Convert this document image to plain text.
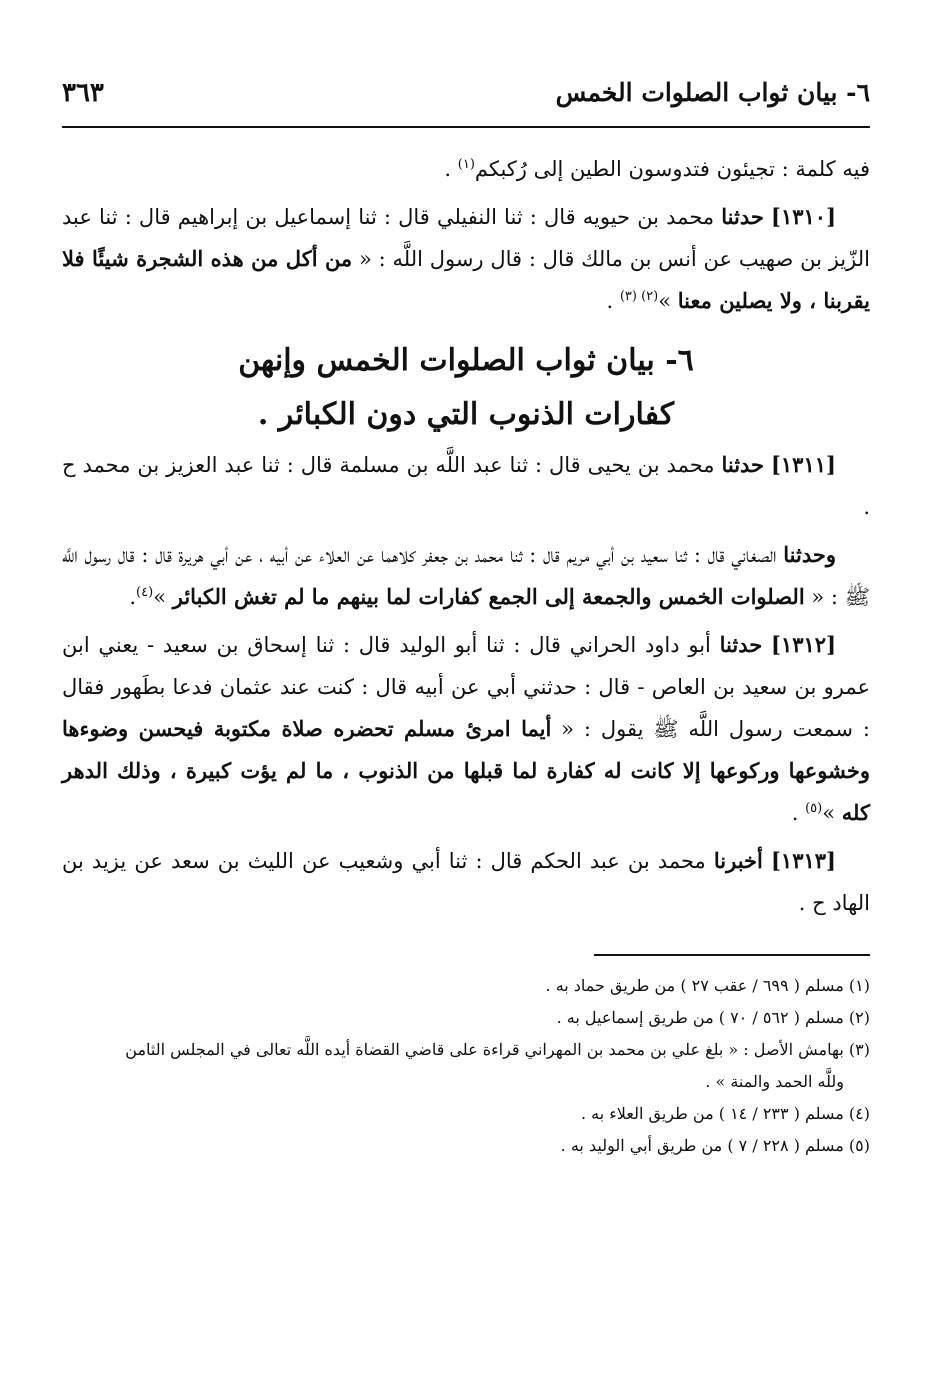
٦- بيان ثواب الصلوات الخمس
٣٦٣

فيه كلمة : تجيئون فتدوسون الطين إلى رُكبكم$^{(١)}$ .

[١٣١٠] حدثنا محمد بن حيويه قال : ثنا النفيلي قال : ثنا إسماعيل بن إبراهيم قال : ثنا عبد الزّيز بن صهيب عن أنس بن مالك قال : قال رسول اللَّه : « من أكل من هذه الشجرة شيئًا فلا يقربنا ، ولا يصلين معنا »$^{(٢) (٣)}$ .

٦- بيان ثواب الصلوات الخمس وإنهن
كفارات الذنوب التي دون الكبائر .

[١٣١١] حدثنا محمد بن يحيى قال : ثنا عبد اللَّه بن مسلمة قال : ثنا عبد العزيز بن محمد ح .

وحدثنا الصغاني قال : ثنا سعيد بن أبي مريم قال : ثنا محمد بن جعفر كلاهما عن العلاء عن أبيه ، عن أبي هريرة قال : قال رسول اللَّه ﷺ : « الصلوات الخمس والجمعة إلى الجمع كفارات لما بينهم ما لم تغش الكبائر »$^{(٤)}$.

[١٣١٢] حدثنا أبو داود الحراني قال : ثنا أبو الوليد قال : ثنا إسحاق بن سعيد - يعني ابن عمرو بن سعيد بن العاص - قال : حدثني أبي عن أبيه قال : كنت عند عثمان فدعا بطَهور فقال : سمعت رسول اللَّه ﷺ يقول : « أيما امرئ مسلم تحضره صلاة مكتوبة فيحسن وضوءها وخشوعها وركوعها إلا كانت له كفارة لما قبلها من الذنوب ، ما لم يؤت كبيرة ، وذلك الدهر كله »$^{(٥)}$ .

[١٣١٣] أخبرنا محمد بن عبد الحكم قال : ثنا أبي وشعيب عن الليث بن سعد عن يزيد بن الهاد ح .

(١) مسلم ( ٦٩٩ / عقب ٢٧ ) من طريق حماد به .

(٢) مسلم ( ٥٦٢ / ٧٠ ) من طريق إسماعيل به .

(٣) بهامش الأصل : « بلغ علي بن محمد بن المهراني قراءة على قاضي القضاة أيده اللَّه تعالى في المجلس الثامن

وللَّه الحمد والمنة » .

(٤) مسلم ( ٢٣٣ / ١٤ ) من طريق العلاء به .

(٥) مسلم ( ٢٢٨ / ٧ ) من طريق أبي الوليد به .
